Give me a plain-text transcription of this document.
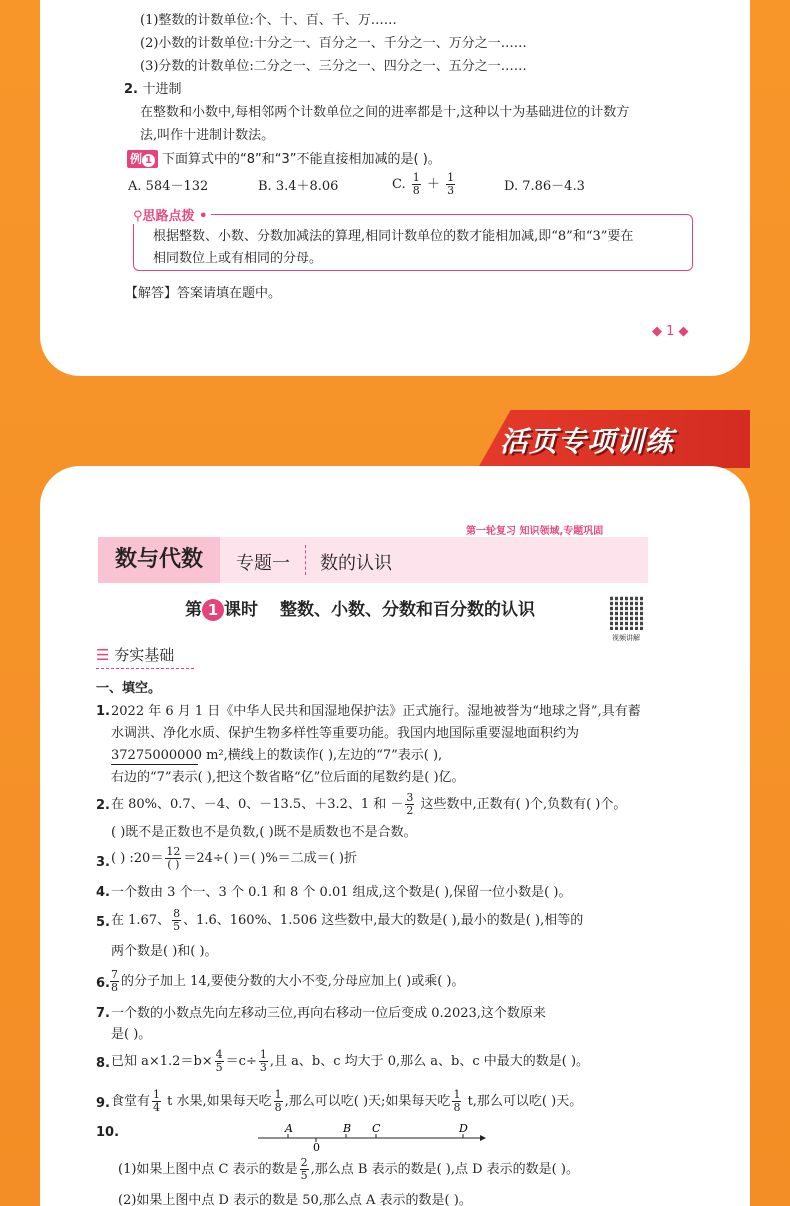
(1)整数的计数单位:个、十、百、千、万……
(2)小数的计数单位:十分之一、百分之一、千分之一、万分之一……
(3)分数的计数单位:二分之一、三分之一、四分之一、五分之一……
2. 十进制
在整数和小数中,每相邻两个计数单位之间的进率都是十,这种以十为基础进位的计数方
法,叫作十进制计数法。
例 1 下面算式中的“8”和“3”不能直接相加减的是( )。
A. 584－132	B. 3.4＋8.06	C. $\frac{1}{8} + \frac{1}{3}$	D. 7.86－4.3
⚲思路点拨 •
根据整数、小数、分数加减法的算理,相同计数单位的数才能相加减,即“8”和“3”要在
相同数位上或有相同的分母。
【解答】答案请填在题中。
◆ 1 ◆
活页专项训练
第一轮复习 知识领域,专题巩固
数与代数	专题一 数的认识
第 1 课时 整数、小数、分数和百分数的认识
视频讲解
☰ 夯实基础
一、填空。
1. 2022 年 6 月 1 日《中华人民共和国湿地保护法》正式施行。湿地被誉为“地球之肾”,具有蓄
水调洪、净化水质、保护生物多样性等重要功能。我国内地国际重要湿地面积约为
37275000000 m²,横线上的数读作( ),左边的“7”表示( ),
右边的“7”表示( ),把这个数省略“亿”位后面的尾数约是( )亿。
2. 在 80%、0.7、－4、0、－13.5、＋3.2、1 和 － $\frac{3}{2}$ 这些数中,正数有( )个,负数有( )个。
( )既不是正数也不是负数,( )既不是质数也不是合数。
3. ( ) :20＝ $\frac{12}{( )} =24\div$( )＝( )%＝二成＝( )折
4. 一个数由 3 个一、3 个 0.1 和 8 个 0.01 组成,这个数是( ),保留一位小数是( )。
5. 在 1.67、 $\frac{8}{5}$ 、1.6̇、160%、1.506 这些数中,最大的数是( ),最小的数是( ),相等的
两个数是( )和( )。
6. $\frac{7}{8}$ 的分子加上 14,要使分数的大小不变,分母应加上( )或乘( )。
7. 一个数的小数点先向左移动三位,再向右移动一位后变成 0.2023,这个数原来
是( )。
8. 已知 $a\times 1.2=b\times \frac{4}{5} =c\div \frac{1}{3}$ ,且 a、b、c 均大于 0,那么 a、b、c 中最大的数是( )。
9. 食堂有 $\frac{1}{4}$ t 水果,如果每天吃 $\frac{1}{8}$ ,那么可以吃( )天;如果每天吃 $\frac{1}{8} t$,那么可以吃( )天。
10.	A
0
B C	D
(1)如果上图中点 C 表示的数是 $\frac{2}{5}$ ,那么点 B 表示的数是( ),点 D 表示的数是( )。
(2)如果上图中点 D 表示的数是 50,那么点 A 表示的数是( )。
